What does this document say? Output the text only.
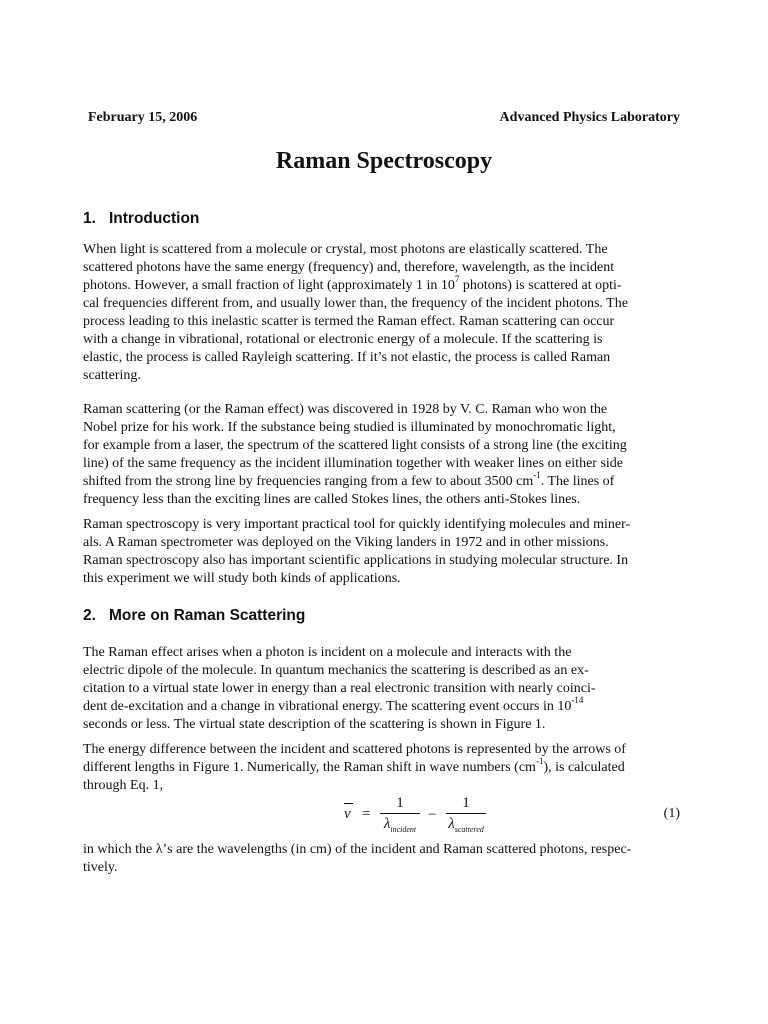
February 15, 2006	Advanced Physics Laboratory
Raman Spectroscopy
1. Introduction
When light is scattered from a molecule or crystal, most photons are elastically scattered. The
scattered photons have the same energy (frequency) and, therefore, wavelength, as the incident
photons. However, a small fraction of light (approximately 1 in $10^7$ photons) is scattered at opti-
cal frequencies different from, and usually lower than, the frequency of the incident photons. The
process leading to this inelastic scatter is termed the Raman effect. Raman scattering can occur
with a change in vibrational, rotational or electronic energy of a molecule. If the scattering is
elastic, the process is called Rayleigh scattering. If it’s not elastic, the process is called Raman
scattering.
Raman scattering (or the Raman effect) was discovered in 1928 by V. C. Raman who won the
Nobel prize for his work. If the substance being studied is illuminated by monochromatic light,
for example from a laser, the spectrum of the scattered light consists of a strong line (the exciting
line) of the same frequency as the incident illumination together with weaker lines on either side
shifted from the strong line by frequencies ranging from a few to about 3500 $cm^{-1}$. The lines of
frequency less than the exciting lines are called Stokes lines, the others anti-Stokes lines.
Raman spectroscopy is very important practical tool for quickly identifying molecules and miner-
als. A Raman spectrometer was deployed on the Viking landers in 1972 and in other missions.
Raman spectroscopy also has important scientific applications in studying molecular structure. In
this experiment we will study both kinds of applications.
2. More on Raman Scattering
The Raman effect arises when a photon is incident on a molecule and interacts with the
electric dipole of the molecule. In quantum mechanics the scattering is described as an ex-
citation to a virtual state lower in energy than a real electronic transition with nearly coinci-
dent de-excitation and a change in vibrational energy. The scattering event occurs in $10^{-14}$
seconds or less. The virtual state description of the scattering is shown in Figure 1.
The energy difference between the incident and scattered photons is represented by the arrows of
different lengths in Figure 1. Numerically, the Raman shift in wave numbers $(cm^{-1})$, is calculated
through Eq. 1,
ν =
1
$\lambda_{incident}$
−
1
$\lambda_{scattered}$
(1)
in which the λ’s are the wavelengths (in cm) of the incident and Raman scattered photons, respec-
tively.
